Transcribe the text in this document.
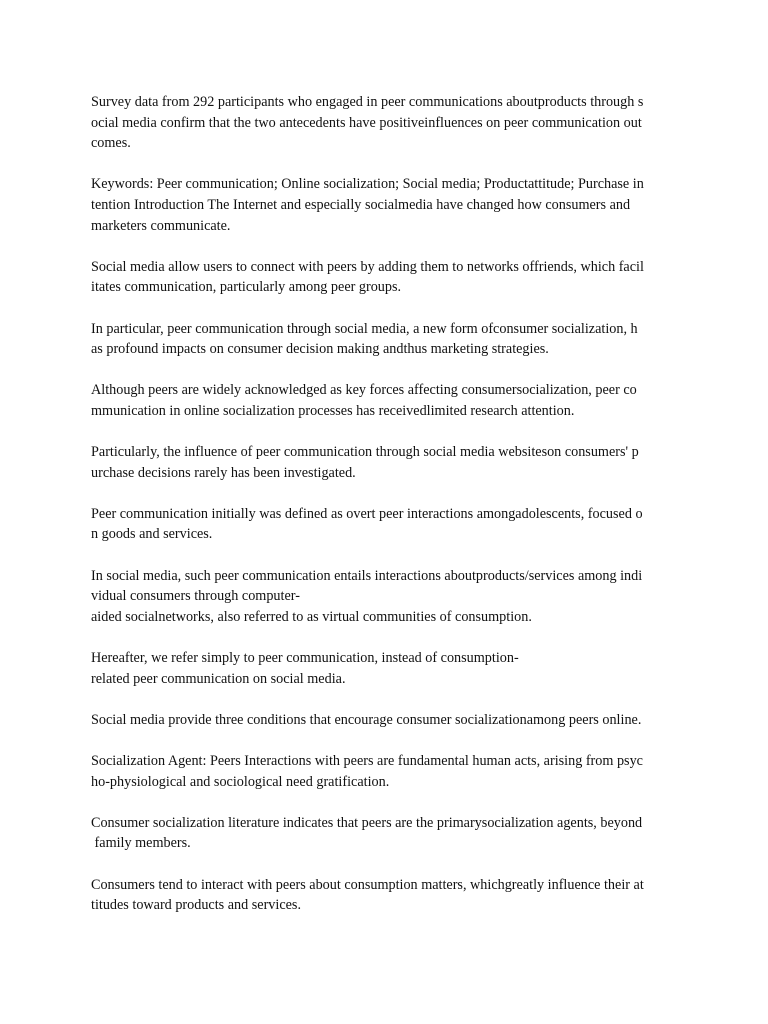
Survey data from 292 participants who engaged in peer communications aboutproducts through s
ocial media confirm that the two antecedents have positiveinfluences on peer communication out
comes.

Keywords: Peer communication; Online socialization; Social media; Productattitude; Purchase in
tention Introduction The Internet and especially socialmedia have changed how consumers and
marketers communicate.

Social media allow users to connect with peers by adding them to networks offriends, which facil
itates communication, particularly among peer groups.

In particular, peer communication through social media, a new form ofconsumer socialization, h
as profound impacts on consumer decision making andthus marketing strategies.

Although peers are widely acknowledged as key forces affecting consumersocialization, peer co
mmunication in online socialization processes has receivedlimited research attention.

Particularly, the influence of peer communication through social media websiteson consumers' p
urchase decisions rarely has been investigated.

Peer communication initially was defined as overt peer interactions amongadolescents, focused o
n goods and services.

In social media, such peer communication entails interactions aboutproducts/services among indi
vidual consumers through computer-
aided socialnetworks, also referred to as virtual communities of consumption.

Hereafter, we refer simply to peer communication, instead of consumption-
related peer communication on social media.

Social media provide three conditions that encourage consumer socializationamong peers online.

Socialization Agent: Peers Interactions with peers are fundamental human acts, arising from psyc
ho-physiological and sociological need gratification.

Consumer socialization literature indicates that peers are the primarysocialization agents, beyond
family members.

Consumers tend to interact with peers about consumption matters, whichgreatly influence their at
titudes toward products and services.
